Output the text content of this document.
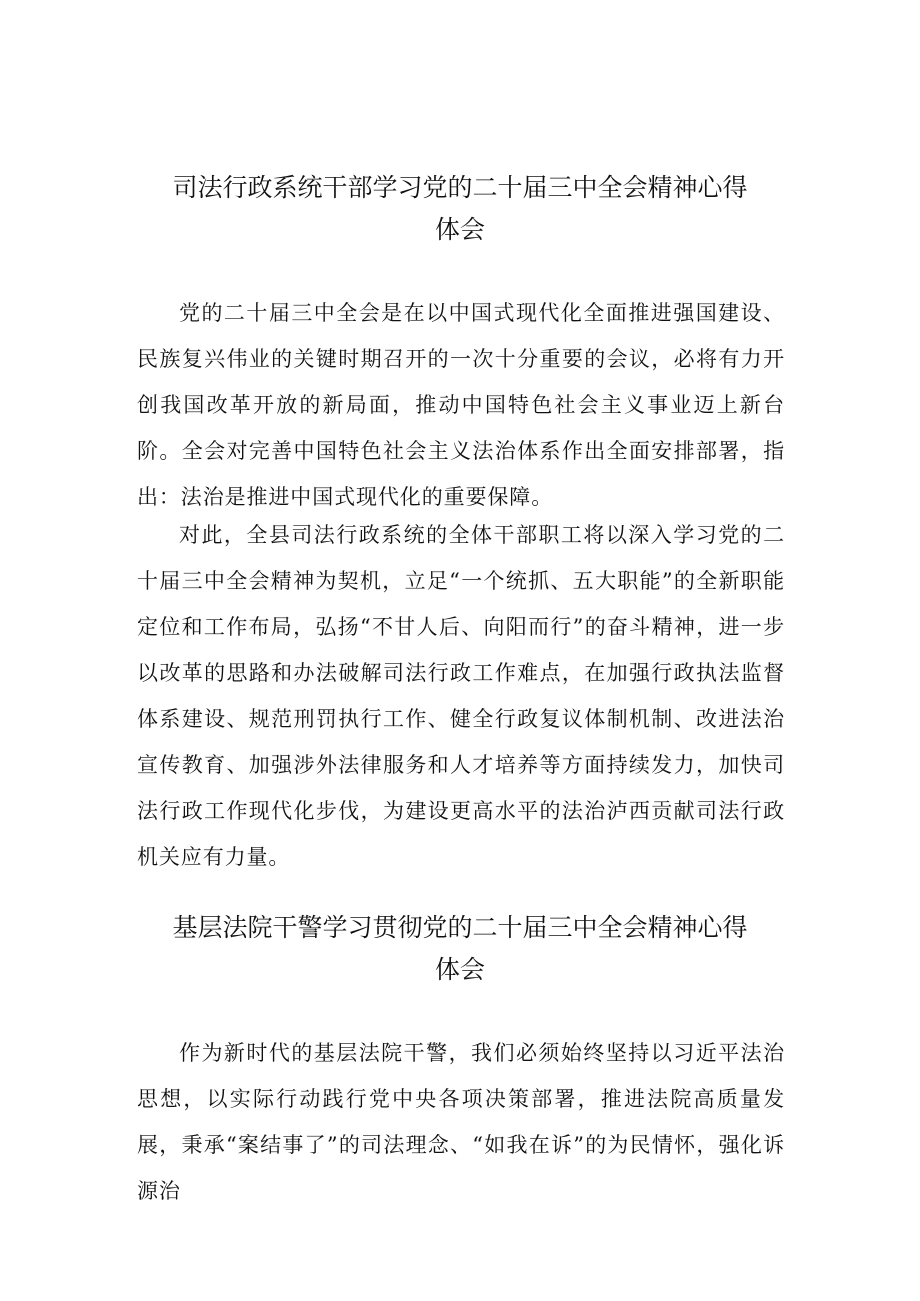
司法行政系统干部学习党的二十届三中全会精神心得
体会

党的二十届三中全会是在以中国式现代化全面推进强国建设、民族复兴伟业的关键时期召开的一次十分重要的会议，必将有力开创我国改革开放的新局面，推动中国特色社会主义事业迈上新台阶。全会对完善中国特色社会主义法治体系作出全面安排部署，指出：法治是推进中国式现代化的重要保障。

对此，全县司法行政系统的全体干部职工将以深入学习党的二十届三中全会精神为契机，立足“一个统抓、五大职能”的全新职能定位和工作布局，弘扬“不甘人后、向阳而行”的奋斗精神，进一步以改革的思路和办法破解司法行政工作难点，在加强行政执法监督体系建设、规范刑罚执行工作、健全行政复议体制机制、改进法治宣传教育、加强涉外法律服务和人才培养等方面持续发力，加快司法行政工作现代化步伐，为建设更高水平的法治泸西贡献司法行政机关应有力量。

基层法院干警学习贯彻党的二十届三中全会精神心得
体会

作为新时代的基层法院干警，我们必须始终坚持以习近平法治思想，以实际行动践行党中央各项决策部署，推进法院高质量发展，秉承“案结事了”的司法理念、“如我在诉”的为民情怀，强化诉源治
